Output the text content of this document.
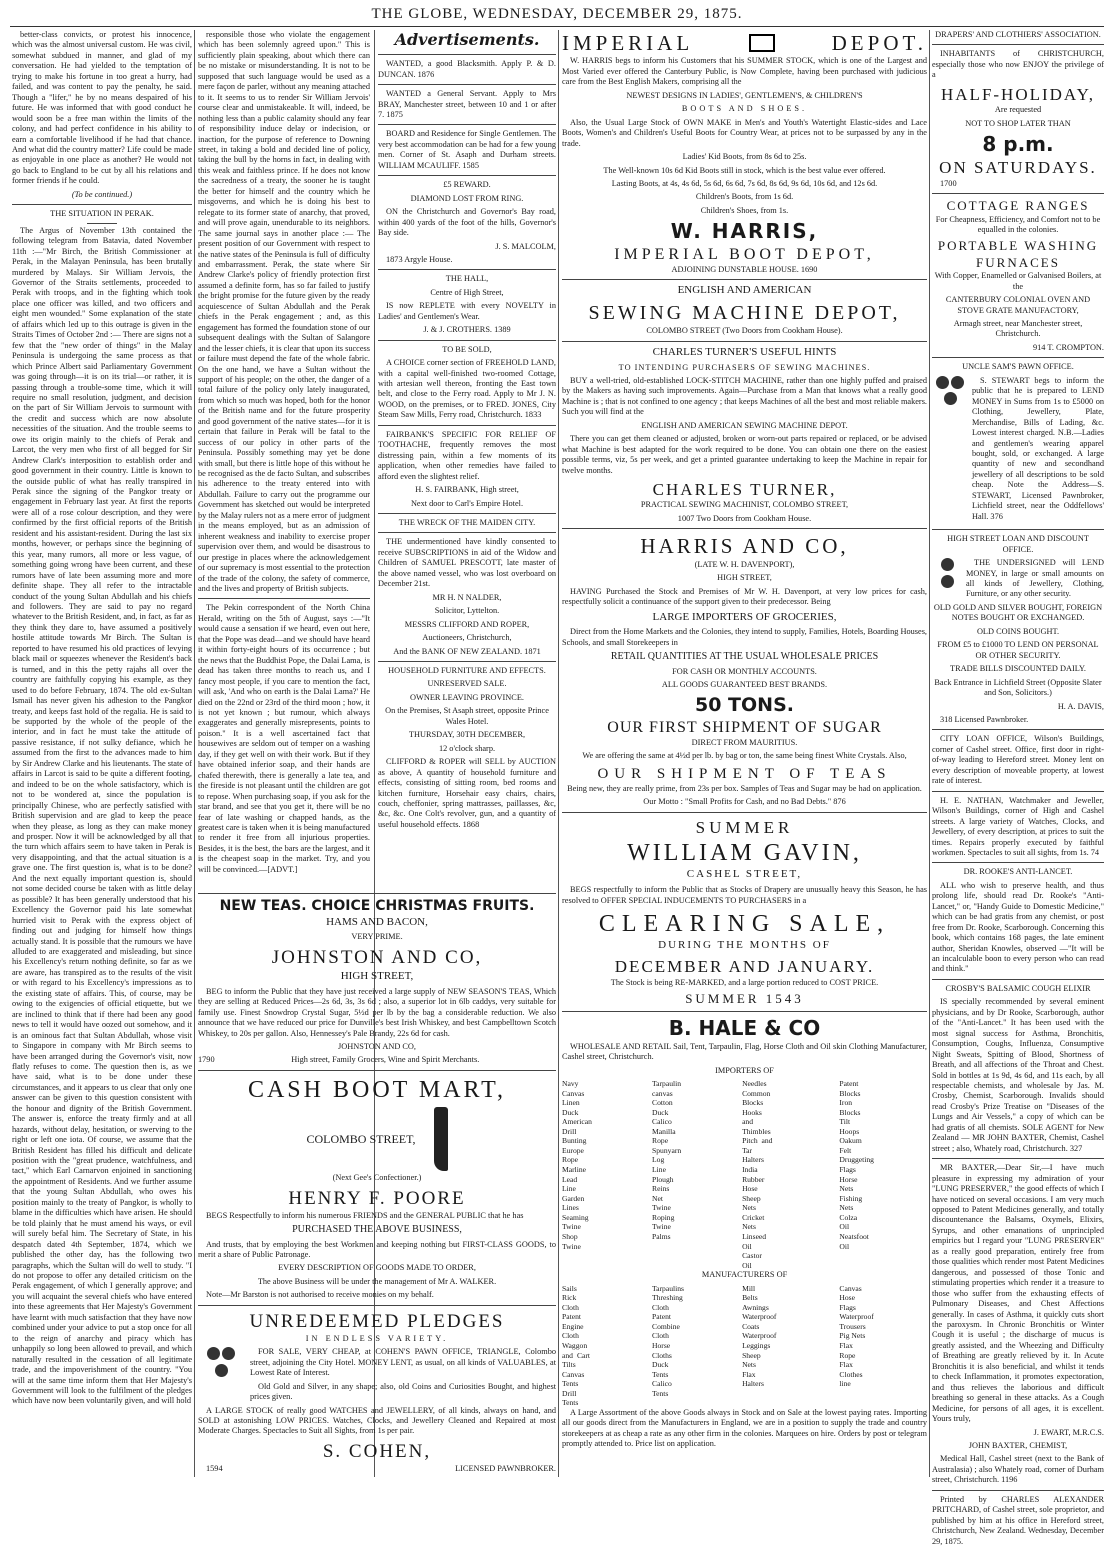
THE GLOBE, WEDNESDAY, DECEMBER 29, 1875.

better-class convicts, or protest his innocence, which was the almost universal custom. He was civil, somewhat subdued in manner, and glad of my conversation. He had yielded to the temptation of trying to make his fortune in too great a hurry, had failed, and was content to pay the penalty, he said. Though a "lifer," he by no means despaired of his future. He was informed that with good conduct he would soon be a free man within the limits of the colony, and had perfect confidence in his ability to earn a comfortable livelihood if he had that chance. And what did the country matter? Life could be made as enjoyable in one place as another? He would not go back to England to be cut by all his relations and former friends if he could.

(To be continued.)

THE SITUATION IN PERAK.

The Argus of November 13th contained the following telegram from Batavia, dated November 11th :—"Mr Birch, the British Commissioner at Perak, in the Malayan Peninsula, has been brutally murdered by Malays. Sir William Jervois, the Governor of the Straits settlements, proceeded to Perak with troops, and in the fighting which took place one officer was killed, and two officers and eight men wounded." Some explanation of the state of affairs which led up to this outrage is given in the Straits Times of October 2nd :— There are signs not a few that the "new order of things" in the Malay Peninsula is undergoing the same process as that which Prince Albert said Parliamentary Government was going through—it is on its trial—or rather, it is passing through a trouble-some time, which it will require no small resolution, judgment, and decision on the part of Sir William Jervois to surmount with the credit and success which are now absolute necessities of the situation. And the trouble seems to owe its origin mainly to the chiefs of Perak and Larcot, the very men who first of all begged for Sir Andrew Clark's interposition to establish order and good government in their country. Little is known to the outside public of what has really transpired in Perak since the signing of the Pangkor treaty or engagement in February last year. At first the reports were all of a rose colour description, and they were confirmed by the first official reports of the British resident and his assistant-resident. During the last six months, however, or perhaps since the beginning of this year, many rumors, all more or less vague, of something going wrong have been current, and these rumors have of late been assuming more and more definite shape. They all refer to the intractable conduct of the young Sultan Abdullah and his chiefs and followers. They are said to pay no regard whatever to the British Resident, and, in fact, as far as they think they dare to, have assumed a positively hostile attitude towards Mr Birch. The Sultan is reported to have resumed his old practices of levying black mail or squeezes whenever the Resident's back is turned, and in this the petty rajahs all over the country are faithfully copying his example, as they used to do before February, 1874. The old ex-Sultan Ismail has never given his adhesion to the Pangkor treaty, and keeps fast hold of the regalia. He is said to be supported by the whole of the people of the interior, and in fact he must take the attitude of passive resistance, if not sulky defiance, which he assumed from the first to the advances made to him by Sir Andrew Clarke and his lieutenants. The state of affairs in Larcot is said to be quite a different footing, and indeed to be on the whole satisfactory, which is not to be wondered at, since the population is principally Chinese, who are perfectly satisfied with British supervision and are glad to keep the peace when they please, as long as they can make money and prosper. Now it will be acknowledged by all that the turn which affairs seem to have taken in Perak is very disappointing, and that the actual situation is a grave one. The first question is, what is to be done? And the next equally important question is, should not some decided course be taken with as little delay as possible? It has been generally understood that his Excellency the Governor paid his late somewhat hurried visit to Perak with the express object of finding out and judging for himself how things actually stand. It is possible that the rumours we have alluded to are exaggerated and misleading, but since his Excellency's return nothing definite, so far as we are aware, has transpired as to the results of the visit or with regard to his Excellency's impressions as to the existing state of affairs. This, of course, may be owing to the exigencies of official etiquette, but we are inclined to think that if there had been any good news to tell it would have oozed out somehow, and it is an ominous fact that Sultan Abdullah, whose visit to Singapore in company with Mr Birch seems to have been arranged during the Governor's visit, now flatly refuses to come. The question then is, as we have said, what is to be done under these circumstances, and it appears to us clear that only one answer can be given to this question consistent with the honour and dignity of the British Government. The answer is, enforce the treaty firmly and at all hazards, without delay, hesitation, or swerving to the right or left one iota. Of course, we assume that the British Resident has filled his difficult and delicate position with the "great prudence, watchfulness, and tact," which Earl Carnarvon enjoined in sanctioning the appointment of Residents. And we further assume that the young Sultan Abdullah, who owes his position mainly to the treaty of Pangkor, is wholly to blame in the difficulties which have arisen. He should be told plainly that he must amend his ways, or evil will surely befal him. The Secretary of State, in his despatch dated 4th September, 1874, which we published the other day, has the following two paragraphs, which the Sultan will do well to study. "I do not propose to offer any detailed criticism on the Perak engagement, of which I generally approve; and you will acquaint the several chiefs who have entered into these agreements that Her Majesty's Government have learnt with much satisfaction that they have now combined under your advice to put a stop once for all to the reign of anarchy and piracy which has unhappily so long been allowed to prevail, and which naturally resulted in the cessation of all legitimate trade, and the impoverishment of the country. "You will at the same time inform them that Her Majesty's Government will look to the fulfilment of the pledges which have now been voluntarily given, and will hold

responsible those who violate the engagement which has been solemnly agreed upon." This is sufficiently plain speaking, about which there can be no mistake or misunderstanding. It is not to be supposed that such language would be used as a mere façon de parler, without any meaning attached to it. It seems to us to render Sir William Jervois' course clear and unmistakeable. It will, indeed, be nothing less than a public calamity should any fear of responsibility induce delay or indecision, or inaction, for the purpose of reference to Downing street, in taking a bold and decided line of policy, taking the bull by the horns in fact, in dealing with this weak and faithless prince. If he does not know the sacredness of a treaty, the sooner he is taught the better for himself and the country which he misgoverns, and which he is doing his best to relegate to its former state of anarchy, that proved, and will prove again, unendurable to its neighbors. The same journal says in another place :— The present position of our Government with respect to the native states of the Peninsula is full of difficulty and embarrassment. Perak, the state where Sir Andrew Clarke's policy of friendly protection first assumed a definite form, has so far failed to justify the bright promise for the future given by the ready acquiescence of Sultan Abdullah and the Perak chiefs in the Perak engagement ; and, as this engagement has formed the foundation stone of our subsequent dealings with the Sultan of Salangore and the lesser chiefs, it is clear that upon its success or failure must depend the fate of the whole fabric. On the one hand, we have a Sultan without the support of his people; on the other, the danger of a total failure of the policy only lately inaugurated, from which so much was hoped, both for the honor of the British name and for the future prosperity and good government of the native states—for it is certain that failure in Perak will be fatal to the success of our policy in other parts of the Peninsula. Possibly something may yet be done with small, but there is little hope of this without he be recognised as the de facto Sultan, and subscribes his adherence to the treaty entered into with Abdullah. Failure to carry out the programme our Government has sketched out would be interpreted by the Malay rulers not as a mere error of judgment in the means employed, but as an admission of inherent weakness and inability to exercise proper supervision over them, and would be disastrous to our prestige in places where the acknowledgement of our supremacy is most essential to the protection of the trade of the colony, the safety of commerce, and the lives and property of British subjects.

The Pekin correspondent of the North China Herald, writing on the 5th of August, says :—"It would cause a sensation if we heard, even out here, that the Pope was dead—and we should have heard it within forty-eight hours of its occurrence ; but the news that the Buddhist Pope, the Dalai Lama, is dead has taken three months to reach us, and I fancy most people, if you care to mention the fact, will ask, 'And who on earth is the Dalai Lama?' He died on the 22nd or 23rd of the third moon ; how, it is not yet known ; but rumour, which always exaggerates and generally misrepresents, points to poison." It is a well ascertained fact that housewives are seldom out of temper on a washing day, if they get well on with their work. But if they have obtained inferior soap, and their hands are chafed therewith, there is generally a late tea, and the fireside is not pleasant until the children are got to repose. When purchasing soap, if you ask for the star brand, and see that you get it, there will be no fear of late washing or chapped hands, as the greatest care is taken when it is being manufactured to render it free from all injurious properties. Besides, it is the best, the bars are the largest, and it is the cheapest soap in the market. Try, and you will be convinced.—[ADVT.]

Advertisements.

WANTED, a good Blacksmith. Apply P. & D. DUNCAN. 1876

WANTED a General Servant. Apply to Mrs BRAY, Manchester street, between 10 and 1 or after 7. 1875

BOARD and Residence for Single Gentlemen. The very best accommodation can be had for a few young men. Corner of St. Asaph and Durham streets. WILLIAM MCAULIFF. 1585

£5 REWARD.

DIAMOND LOST FROM RING.

ON the Christchurch and Governor's Bay road, within 400 yards of the foot of the hills, Governor's Bay side.

J. S. MALCOLM,

1873 Argyle House.

THE HALL,

Centre of High Street,

IS now REPLETE with every NOVELTY in Ladies' and Gentlemen's Wear.

J. & J. CROTHERS. 1389

TO BE SOLD,

A CHOICE corner section of FREEHOLD LAND, with a capital well-finished two-roomed Cottage, with artesian well thereon, fronting the East town belt, and close to the Ferry road. Apply to Mr J. N. WOOD, on the premises, or to FRED. JONES, City Steam Saw Mills, Ferry road, Christchurch. 1833

FAIRBANK'S SPECIFIC FOR RELIEF OF TOOTHACHE, frequently removes the most distressing pain, within a few moments of its application, when other remedies have failed to afford even the slightest relief.

H. S. FAIRBANK, High street,

Next door to Carl's Empire Hotel.

THE WRECK OF THE MAIDEN CITY.

THE undermentioned have kindly consented to receive SUBSCRIPTIONS in aid of the Widow and Children of SAMUEL PRESCOTT, late master of the above named vessel, who was lost overboard on December 21st.

MR H. N NALDER,

Solicitor, Lyttelton.

MESSRS CLIFFORD AND ROPER,

Auctioneers, Christchurch,

And the BANK OF NEW ZEALAND. 1871

HOUSEHOLD FURNITURE AND EFFECTS.

UNRESERVED SALE.

OWNER LEAVING PROVINCE.

On the Premises, St Asaph street, opposite Prince Wales Hotel.

THURSDAY, 30TH DECEMBER,

12 o'clock sharp.

CLIFFORD & ROPER will SELL by AUCTION as above, A quantity of household furniture and effects, consisting of sitting room, bed rooms and kitchen furniture, Horsehair easy chairs, chairs, couch, cheffonier, spring mattrasses, paillasses, &c, &c, &c. One Colt's revolver, gun, and a quantity of useful household effects. 1868

NEW TEAS. CHOICE CHRISTMAS FRUITS.

HAMS AND BACON,

VERY PRIME.

JOHNSTON AND CO,

HIGH STREET,

BEG to inform the Public that they have just received a large supply of NEW SEASON'S TEAS, Which they are selling at Reduced Prices—2s 6d, 3s, 3s 6d ; also, a superior lot in 6lb caddys, very suitable for family use. Finest Snowdrop Crystal Sugar, 5½d per lb by the bag a considerable reduction. We also announce that we have reduced our price for Dunville's best Irish Whiskey, and best Campbelltown Scotch Whiskey, to 20s per gallon. Also, Hennessey's Pale Brandy, 22s 6d for cash.

JOHNSTON AND CO,

1790	High street, Family Grocers, Wine and Spirit Merchants.

CASH BOOT MART,
COLOMBO STREET,

(Next Gee's Confectioner.)

HENRY F. POORE

BEGS Respectfully to inform his numerous FRIENDS and the GENERAL PUBLIC that he has

PURCHASED THE ABOVE BUSINESS,

And trusts, that by employing the best Workmen and keeping nothing but FIRST-CLASS GOODS, to merit a share of Public Patronage.

EVERY DESCRIPTION OF GOODS MADE TO ORDER,

The above Business will be under the management of Mr A. WALKER.

Note—Mr Barston is not authorised to receive monies on my behalf.

UNREDEEMED PLEDGES

IN ENDLESS VARIETY.

FOR SALE, VERY CHEAP, at COHEN'S PAWN OFFICE, TRIANGLE, Colombo street, adjoining the City Hotel. MONEY LENT, as usual, on all kinds of VALUABLES, at Lowest Rate of Interest.

Old Gold and Silver, in any shape; also, old Coins and Curiosities Bought, and highest prices given.

A LARGE STOCK of really good WATCHES and JEWELLERY, of all kinds, always on hand, and SOLD at astonishing LOW PRICES. Watches, Clocks, and Jewellery Cleaned and Repaired at most Moderate Charges. Spectacles to Suit all Sights, from 1s per pair.

S. COHEN,

1594	LICENSED PAWNBROKER.

IMPERIAL	DEPOT.

W. HARRIS begs to inform his Customers that his SUMMER STOCK, which is one of the Largest and Most Varied ever offered the Canterbury Public, is Now Complete, having been purchased with judicious care from the Best English Makers, comprising all the

NEWEST DESIGNS IN LADIES', GENTLEMEN'S, & CHILDREN'S

BOOTS AND SHOES.

Also, the Usual Large Stock of OWN MAKE in Men's and Youth's Watertight Elastic-sides and Lace Boots, Women's and Children's Useful Boots for Country Wear, at prices not to be surpassed by any in the trade.

Ladies' Kid Boots, from 8s 6d to 25s.

The Well-known 10s 6d Kid Boots still in stock, which is the best value ever offered.

Lasting Boots, at 4s, 4s 6d, 5s 6d, 6s 6d, 7s 6d, 8s 6d, 9s 6d, 10s 6d, and 12s 6d.

Children's Boots, from 1s 6d.

Children's Shoes, from 1s.

W. HARRIS,
IMPERIAL BOOT DEPOT,

ADJOINING DUNSTABLE HOUSE. 1690

ENGLISH AND AMERICAN

SEWING MACHINE DEPOT,

COLOMBO STREET (Two Doors from Cookham House).

CHARLES TURNER'S USEFUL HINTS

TO INTENDING PURCHASERS OF SEWING MACHINES.

BUY a well-tried, old-established LOCK-STITCH MACHINE, rather than one highly puffed and praised by the Makers as having such improvements. Again—Purchase from a Man that knows what a really good Machine is ; that is not confined to one agency ; that keeps Machines of all the best and most reliable makers. Such you will find at the

ENGLISH AND AMERICAN SEWING MACHINE DEPOT.

There you can get them cleaned or adjusted, broken or worn-out parts repaired or replaced, or be advised what Machine is best adapted for the work required to be done. You can obtain one there on the easiest possible terms, viz, 5s per week, and get a printed guarantee undertaking to keep the Machine in repair for twelve months.

CHARLES TURNER,

PRACTICAL SEWING MACHINIST, COLOMBO STREET,

1007 Two Doors from Cookham House.

HARRIS AND CO,

(LATE W. H. DAVENPORT),

HIGH STREET,

HAVING Purchased the Stock and Premises of Mr W. H. Davenport, at very low prices for cash, respectfully solicit a continuance of the support given to their predecessor. Being

LARGE IMPORTERS OF GROCERIES,

Direct from the Home Markets and the Colonies, they intend to supply, Families, Hotels, Boarding Houses, Schools, and small Storekeepers in

RETAIL QUANTITIES AT THE USUAL WHOLESALE PRICES

FOR CASH OR MONTHLY ACCOUNTS.

ALL GOODS GUARANTEED BEST BRANDS.

50 TONS.
OUR FIRST SHIPMENT OF SUGAR

DIRECT FROM MAURITIUS.

We are offering the same at 4½d per lb. by bag or ton, the same being finest White Crystals. Also,

OUR SHIPMENT OF TEAS

Being new, they are really prime, from 23s per box. Samples of Teas and Sugar may be had on application.

Our Motto : "Small Profits for Cash, and no Bad Debts." 876

SUMMER
WILLIAM GAVIN,

CASHEL STREET,

BEGS respectfully to inform the Public that as Stocks of Drapery are unusually heavy this Season, he has resolved to OFFER SPECIAL INDUCEMENTS TO PURCHASERS in a

CLEARING SALE,

DURING THE MONTHS OF

DECEMBER AND JANUARY.

The Stock is being RE-MARKED, and a large portion reduced to COST PRICE.

SUMMER 1543
B. HALE & CO

WHOLESALE AND RETAIL Sail, Tent, Tarpaulin, Flag, Horse Cloth and Oil skin Clothing Manufacturer, Cashel street, Christchurch.

IMPORTERS OF

Navy Canvas
Linen Duck
American Drill
Bunting
Europe Rope
Marline
Lead Line
Garden Lines
Seaming Twine
Shop Twine
Tarpaulin canvas
Cotton Duck
Calico
Manilla Rope
Spunyarn
Log Line
Plough Reins
Net Twine
Roping Twine
Palms
Needles
Common Blocks
Hooks and Thimbles
Pitch and Tar
Halters
India Rubber Hose
Sheep Nets
Cricket Nets
Linseed Oil
Castor Oil
Patent Blocks
Iron Blocks
Tilt Hoops
Oakum
Felt Druggeting
Flags
Horse Nets
Fishing Nets
Colza Oil
Neatsfoot Oil

MANUFACTURERS OF

Sails
Rick Cloth
Patent Engine Cloth
Waggon and Cart Tilts
Canvas Tents
Drill Tents
Tarpaulins
Threshing Cloth
Patent Combine Cloth
Horse Cloths
Duck Tents
Calico Tents
Mill Belts
Awnings
Waterproof Coats
Waterproof Leggings
Sheep Nets
Flax Halters
Canvas Hose
Flags
Waterproof Trousers
Pig Nets
Flax Rope
Flax Clothes line

A Large Assortment of the above Goods always in Stock and on Sale at the lowest paying rates. Importing all our goods direct from the Manufacturers in England, we are in a position to supply the trade and country storekeepers at as cheap a rate as any other firm in the colonies. Marquees on hire. Orders by post or telegram promptly attended to. Price list on application.

DRAPERS' AND CLOTHIERS' ASSOCIATION.

INHABITANTS of CHRISTCHURCH, especially those who now ENJOY the privilege of a

HALF-HOLIDAY,

Are requested

NOT TO SHOP LATER THAN

8 p.m.
ON SATURDAYS.

1700

COTTAGE RANGES

For Cheapness, Efficiency, and Comfort not to be equalled in the colonies.

PORTABLE WASHING FURNACES

With Copper, Enamelled or Galvanised Boilers, at the

CANTERBURY COLONIAL OVEN AND STOVE GRATE MANUFACTORY,

Armagh street, near Manchester street, Christchurch.

914 T. CROMPTON.

UNCLE SAM'S PAWN OFFICE.

S. STEWART begs to inform the public that he is prepared to LEND MONEY in Sums from 1s to £5000 on Clothing, Jewellery, Plate, Merchandise, Bills of Lading, &c. Lowest interest charged. N.B.—Ladies and gentlemen's wearing apparel bought, sold, or exchanged. A large quantity of new and secondhand jewellery of all descriptions to be sold cheap. Note the Address—S. STEWART, Licensed Pawnbroker, Lichfield street, near the Oddfellows' Hall. 376

HIGH STREET LOAN AND DISCOUNT OFFICE.

THE UNDERSIGNED will LEND MONEY, in large or small amounts on all kinds of Jewellery, Clothing, Furniture, or any other security.

OLD GOLD AND SILVER BOUGHT, FOREIGN NOTES BOUGHT OR EXCHANGED.

OLD COINS BOUGHT.

FROM £5 to £1000 TO LEND ON PERSONAL OR OTHER SECURITY.

TRADE BILLS DISCOUNTED DAILY.

Back Entrance in Lichfield Street (Opposite Slater and Son, Solicitors.)

H. A. DAVIS,

318 Licensed Pawnbroker.

CITY LOAN OFFICE, Wilson's Buildings, corner of Cashel street. Office, first door in right-of-way leading to Hereford street. Money lent on every description of moveable property, at lowest rate of interest.

H. E. NATHAN, Watchmaker and Jeweller, Wilson's Buildings, corner of High and Cashel streets. A large variety of Watches, Clocks, and Jewellery, of every description, at prices to suit the times. Repairs properly executed by faithful workmen. Spectacles to suit all sights, from 1s. 74

DR. ROOKE'S ANTI-LANCET.

ALL who wish to preserve health, and thus prolong life, should read Dr. Rooke's "Anti-Lancet," or, "Handy Guide to Domestic Medicine," which can be had gratis from any chemist, or post free from Dr. Rooke, Scarborough. Concerning this book, which contains 168 pages, the late eminent author, Sheridan Knowles, observed —"It will be an incalculable boon to every person who can read and think."

CROSBY'S BALSAMIC COUGH ELIXIR

IS specially recommended by several eminent physicians, and by Dr Rooke, Scarborough, author of the "Anti-Lancet." It has been used with the most signal success for Asthma, Bronchitis, Consumption, Coughs, Influenza, Consumptive Night Sweats, Spitting of Blood, Shortness of Breath, and all affections of the Throat and Chest. Sold in bottles at 1s 9d, 4s 6d, and 11s each, by all respectable chemists, and wholesale by Jas. M. Crosby, Chemist, Scarborough. Invalids should read Crosby's Prize Treatise on "Diseases of the Lungs and Air Vessels," a copy of which can be had gratis of all chemists. SOLE AGENT for New Zealand — MR JOHN BAXTER, Chemist, Cashel street ; also, Whately road, Christchurch. 327

MR BAXTER,—Dear Sir,—I have much pleasure in expressing my admiration of your "LUNG PRESERVER," the good effects of which I have noticed on several occasions. I am very much opposed to Patent Medicines generally, and totally discountenance the Balsams, Oxymels, Elixirs, Syrups, and other emanations of unprincipled empirics but I regard your "LUNG PRESERVER" as a really good preparation, entirely free from those qualities which render most Patent Medicines dangerous, and possessed of those Tonic and stimulating properties which render it a treasure to those who suffer from the exhausting effects of Pulmonary Diseases, and Chest Affections generally. In cases of Asthma, it quickly cuts short the paroxysm. In Chronic Bronchitis or Winter Cough it is useful ; the discharge of mucus is greatly assisted, and the Wheezing and Difficulty of Breathing are greatly relieved by it. In Acute Bronchitis it is also beneficial, and whilst it tends to check Inflammation, it promotes expectoration, and thus relieves the laborious and difficult breathing so general in these attacks. As a Cough Medicine, for persons of all ages, it is excellent. Yours truly,

J. EWART, M.R.C.S.

JOHN BAXTER, CHEMIST,

Medical Hall, Cashel street (next to the Bank of Australasia) ; also Whately road, corner of Durham street, Christchurch. 1196

Printed by CHARLES ALEXANDER PRITCHARD, of Cashel street, sole proprietor, and published by him at his office in Hereford street, Christchurch, New Zealand. Wednesday, December 29, 1875.
